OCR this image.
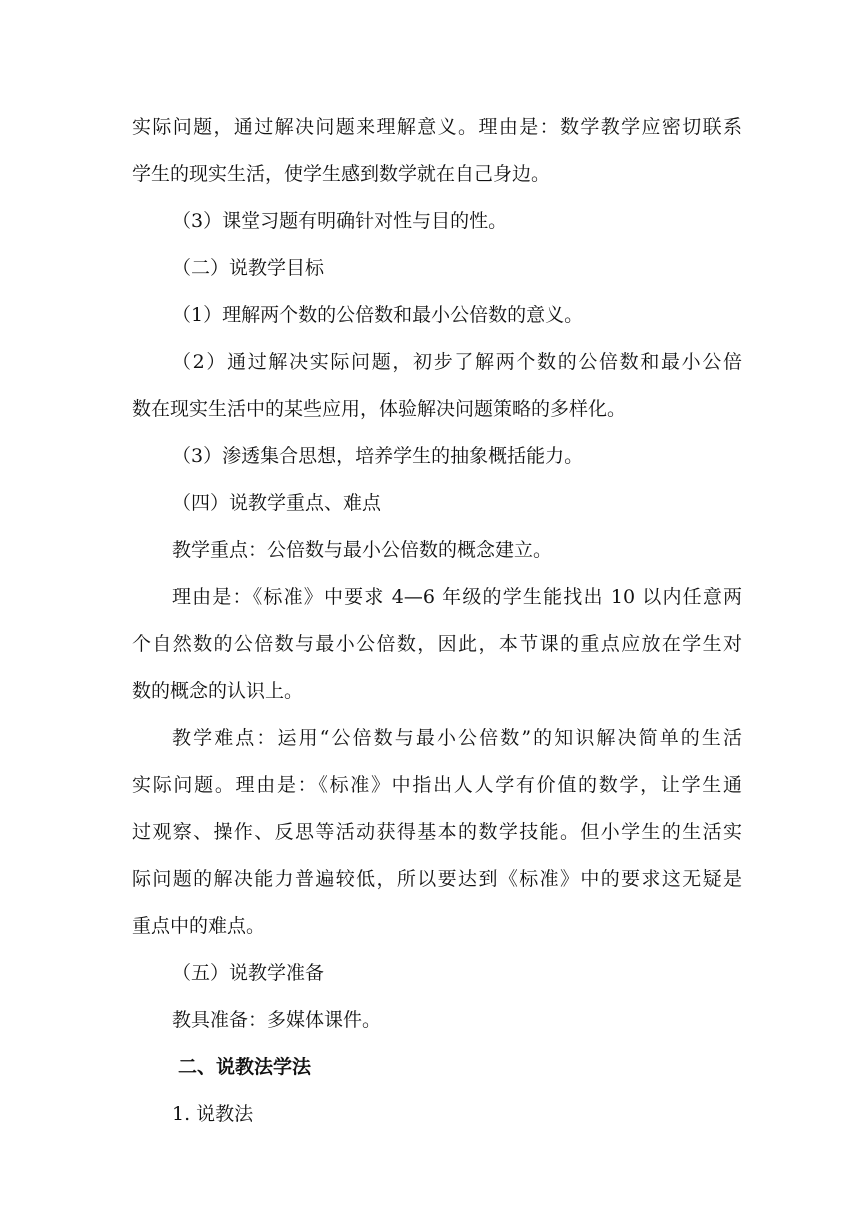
实际问题，通过解决问题来理解意义。理由是：数学教学应密切联系
学生的现实生活，使学生感到数学就在自己身边。
（3）课堂习题有明确针对性与目的性。
（二）说教学目标
（1）理解两个数的公倍数和最小公倍数的意义。
（2）通过解决实际问题，初步了解两个数的公倍数和最小公倍
数在现实生活中的某些应用，体验解决问题策略的多样化。
（3）渗透集合思想，培养学生的抽象概括能力。
（四）说教学重点、难点
教学重点：公倍数与最小公倍数的概念建立。
理由是：《标准》中要求 4—6 年级的学生能找出 10 以内任意两
个自然数的公倍数与最小公倍数，因此，本节课的重点应放在学生对
数的概念的认识上。
教学难点：运用“公倍数与最小公倍数”的知识解决简单的生活
实际问题。理由是：《标准》中指出人人学有价值的数学，让学生通
过观察、操作、反思等活动获得基本的数学技能。但小学生的生活实
际问题的解决能力普遍较低，所以要达到《标准》中的要求这无疑是
重点中的难点。
（五）说教学准备
教具准备：多媒体课件。
二、说教法学法
1. 说教法
